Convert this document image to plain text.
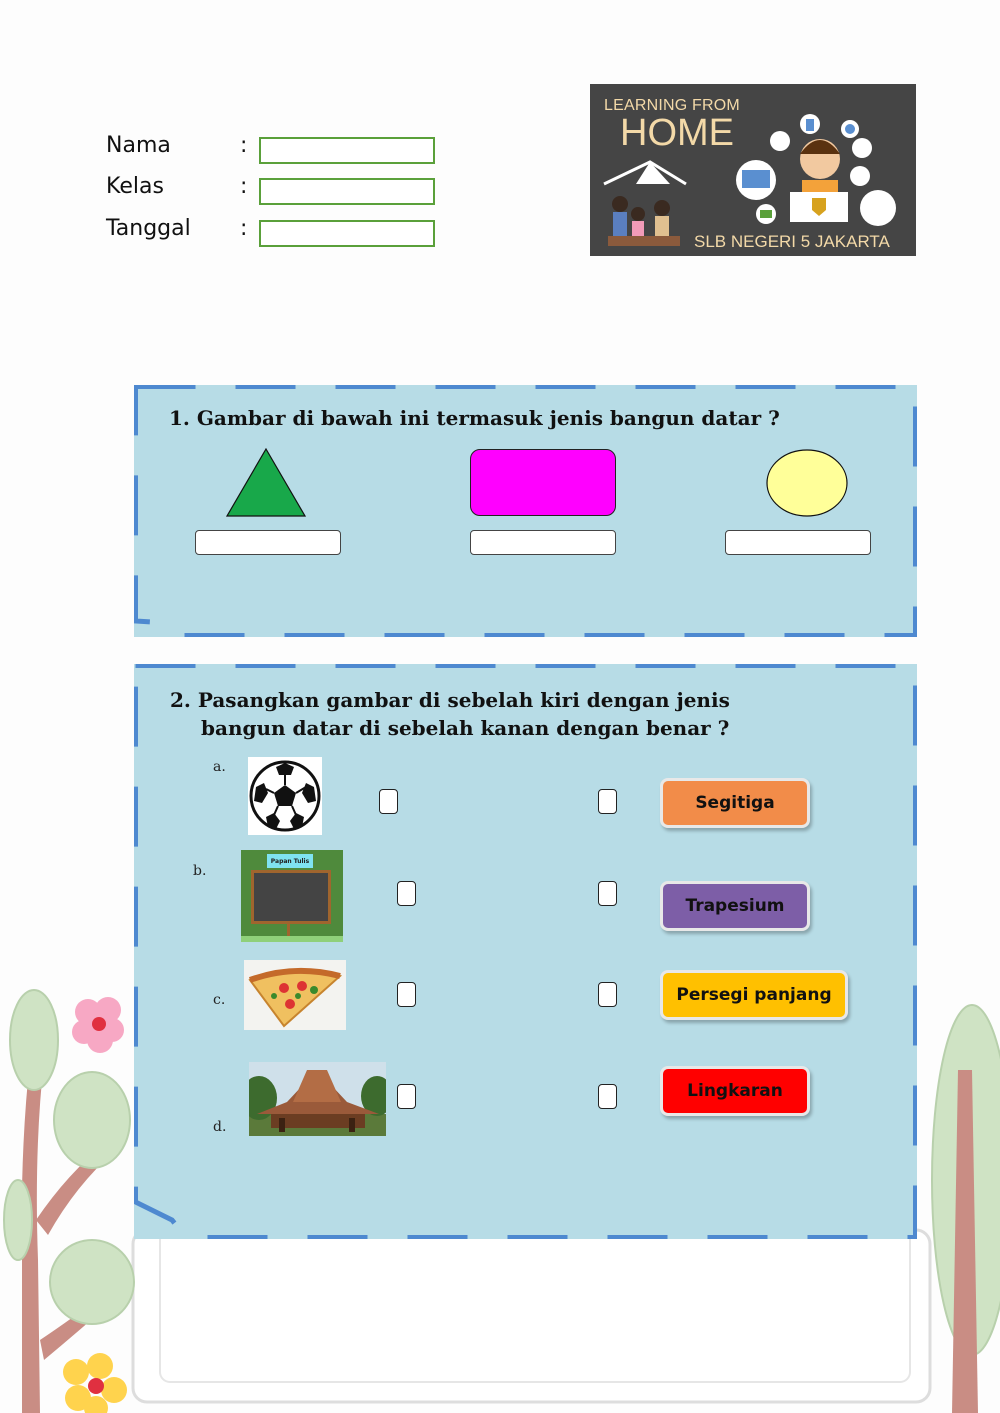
Nama	:
Kelas	:
Tanggal :
LEARNING FROM
HOME
SLB NEGERI 5 JAKARTA
1. Gambar di bawah ini termasuk jenis bangun datar ?
2. Pasangkan gambar di sebelah kiri dengan jenis
bangun datar di sebelah kanan dengan benar ?
a.
b.
c.
d.
Papan Tulis
Segitiga
Trapesium
Persegi panjang
Lingkaran
